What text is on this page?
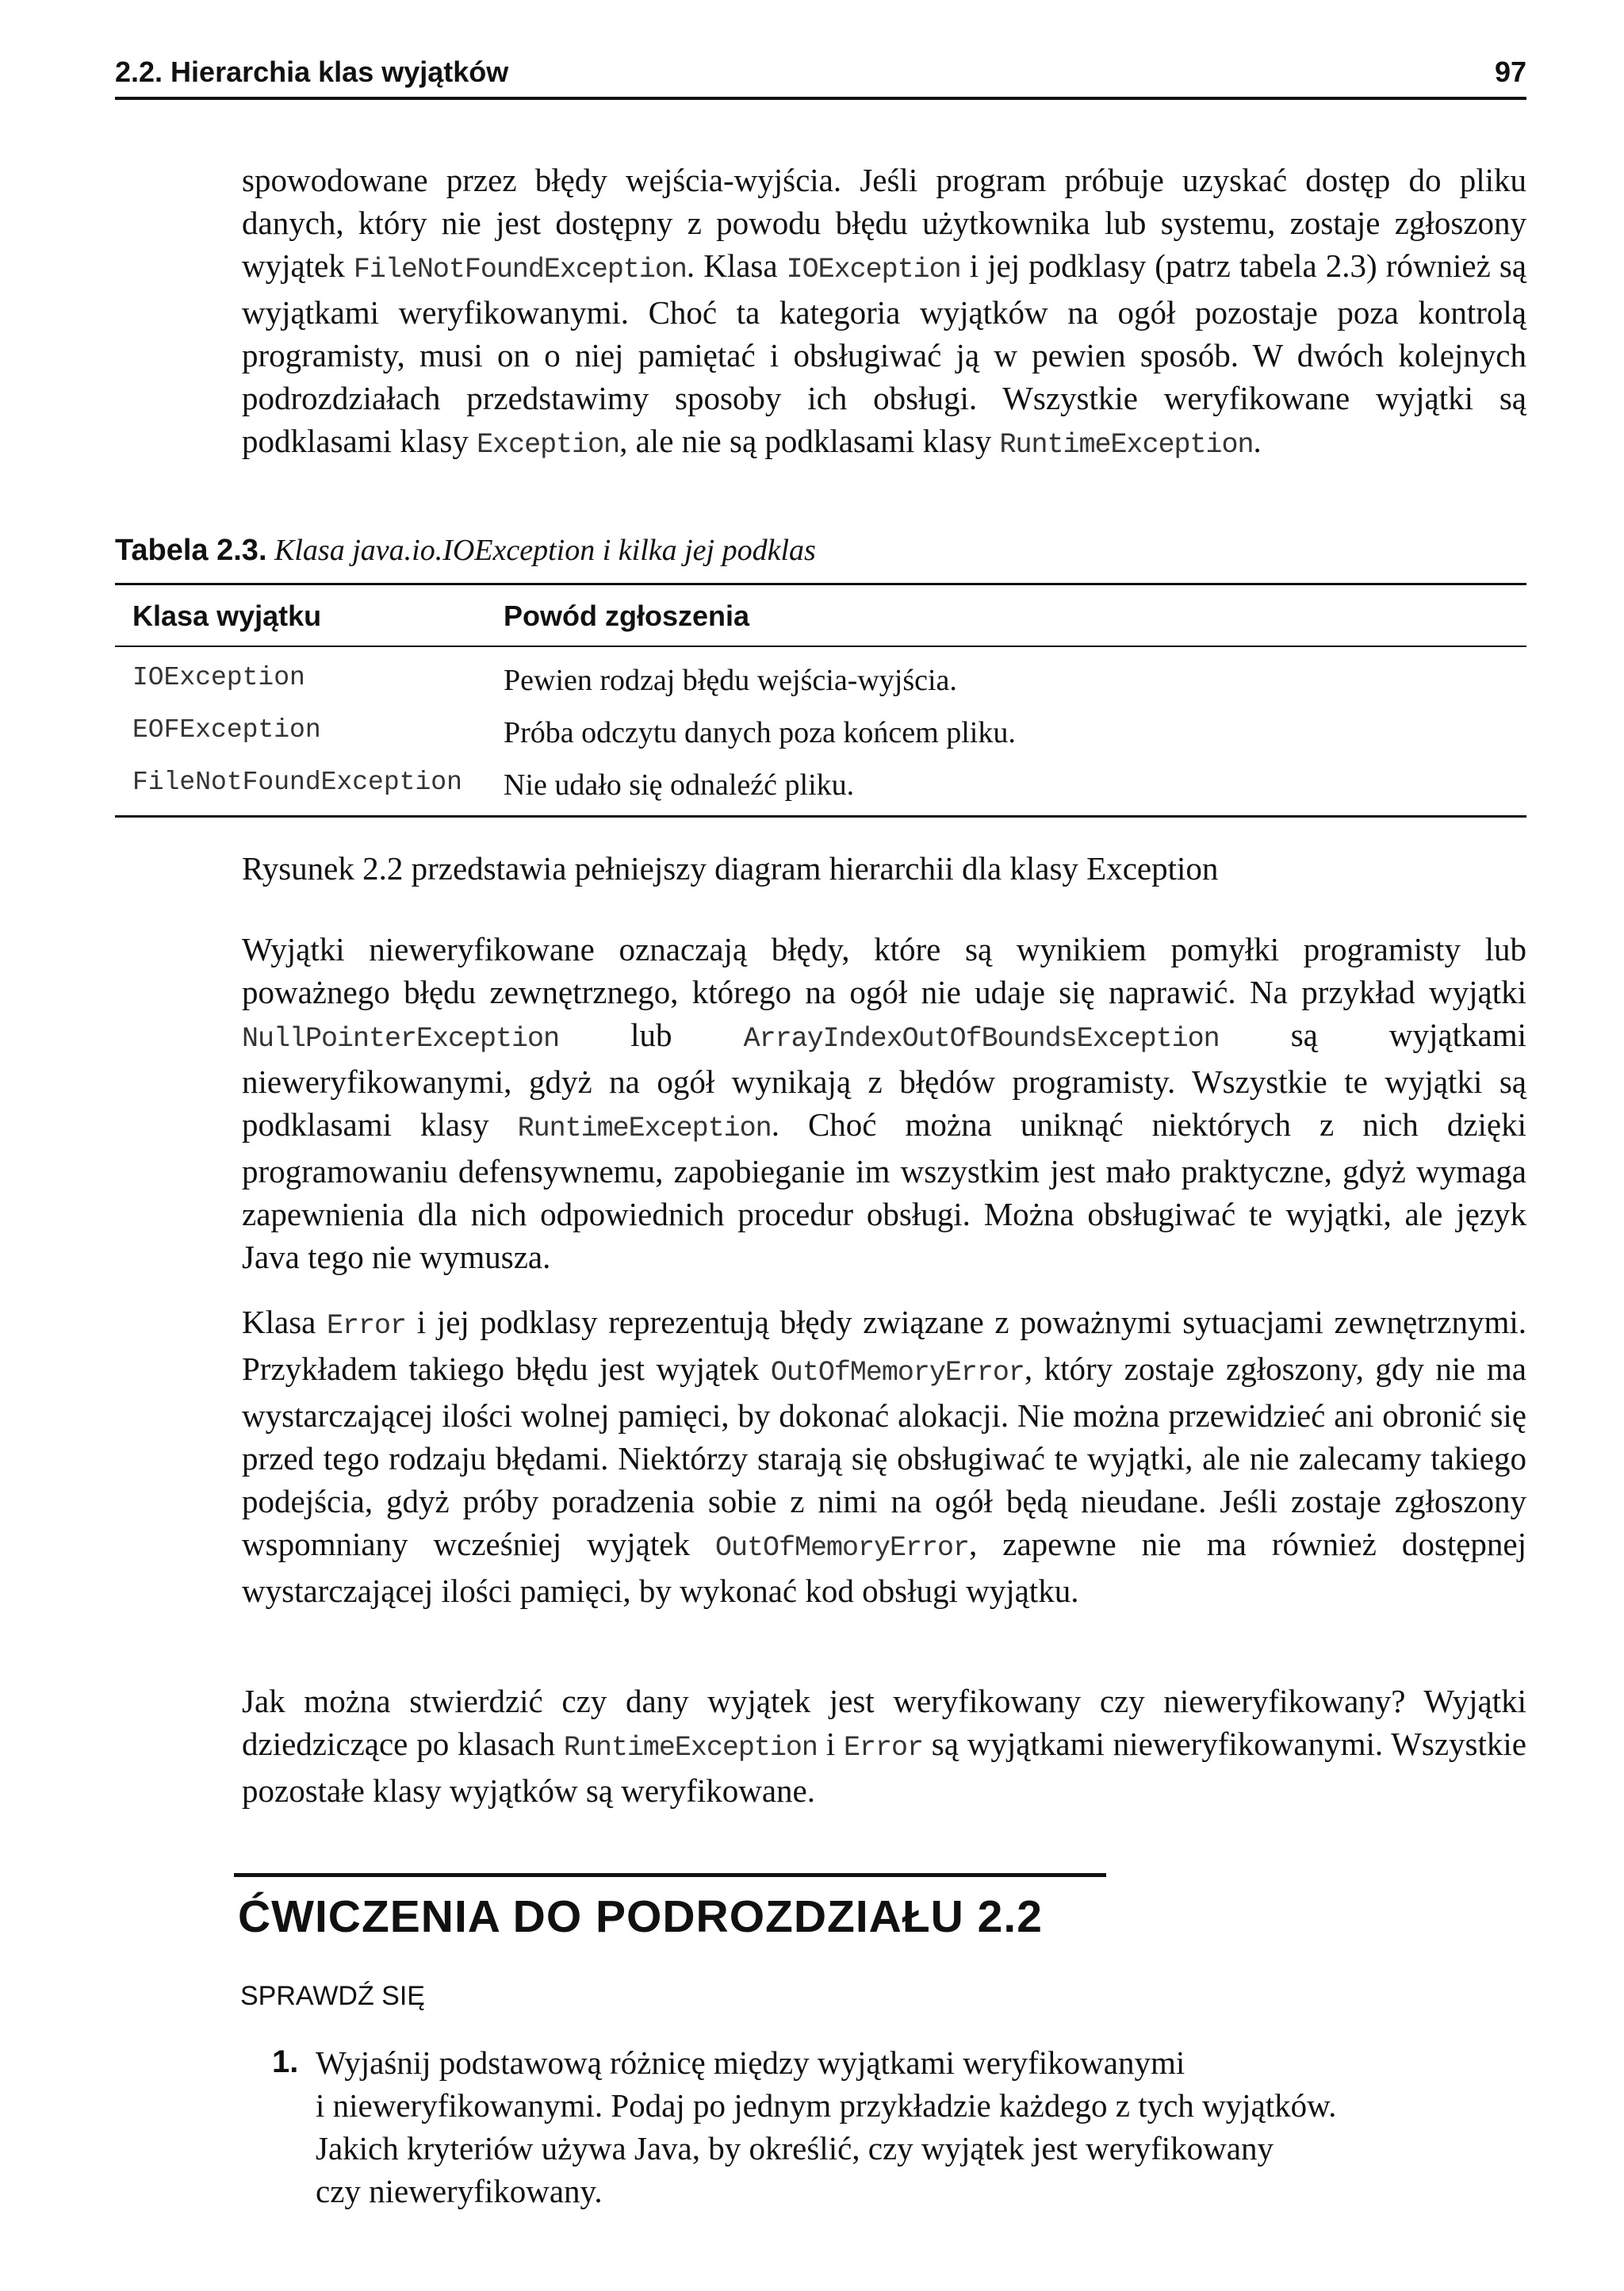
2.2. Hierarchia klas wyjątków	97
spowodowane przez błędy wejścia-wyjścia. Jeśli program próbuje uzyskać dostęp do pliku danych, który nie jest dostępny z powodu błędu użytkownika lub systemu, zostaje zgłoszony wyjątek FileNotFoundException. Klasa IOException i jej podklasy (patrz tabela 2.3) również są wyjątkami weryfikowanymi. Choć ta kategoria wyjątków na ogół pozostaje poza kontrolą programisty, musi on o niej pamiętać i obsługiwać ją w pewien sposób. W dwóch kolejnych podrozdziałach przedstawimy sposoby ich obsługi. Wszystkie weryfikowane wyjątki są podklasami klasy Exception, ale nie są podklasami klasy RuntimeException.
Tabela 2.3. Klasa java.io.IOException i kilka jej podklas
Klasa wyjątku	Powód zgłoszenia
IOException	Pewien rodzaj błędu wejścia-wyjścia.
EOFException	Próba odczytu danych poza końcem pliku.
FileNotFoundException Nie udało się odnaleźć pliku.
Rysunek 2.2 przedstawia pełniejszy diagram hierarchii dla klasy Exception
Wyjątki nieweryfikowane oznaczają błędy, które są wynikiem pomyłki programisty lub poważnego błędu zewnętrznego, którego na ogół nie udaje się naprawić. Na przykład wyjątki NullPointerException lub ArrayIndexOutOfBoundsException są wyjątkami nieweryfikowanymi, gdyż na ogół wynikają z błędów programisty. Wszystkie te wyjątki są podklasami klasy RuntimeException. Choć można uniknąć niektórych z nich dzięki programowaniu defensywnemu, zapobieganie im wszystkim jest mało praktyczne, gdyż wymaga zapewnienia dla nich odpowiednich procedur obsługi. Można obsługiwać te wyjątki, ale język Java tego nie wymusza.
Klasa Error i jej podklasy reprezentują błędy związane z poważnymi sytuacjami zewnętrznymi. Przykładem takiego błędu jest wyjątek OutOfMemoryError, który zostaje zgłoszony, gdy nie ma wystarczającej ilości wolnej pamięci, by dokonać alokacji. Nie można przewidzieć ani obronić się przed tego rodzaju błędami. Niektórzy starają się obsługiwać te wyjątki, ale nie zalecamy takiego podejścia, gdyż próby poradzenia sobie z nimi na ogół będą nieudane. Jeśli zostaje zgłoszony wspomniany wcześniej wyjątek OutOfMemoryError, zapewne nie ma również dostępnej wystarczającej ilości pamięci, by wykonać kod obsługi wyjątku.
Jak można stwierdzić czy dany wyjątek jest weryfikowany czy nieweryfikowany? Wyjątki dziedziczące po klasach RuntimeException i Error są wyjątkami nieweryfikowanymi. Wszystkie pozostałe klasy wyjątków są weryfikowane.
ĆWICZENIA DO PODROZDZIAŁU 2.2
SPRAWDŹ SIĘ
1. Wyjaśnij podstawową różnicę między wyjątkami weryfikowanymi
i nieweryfikowanymi. Podaj po jednym przykładzie każdego z tych wyjątków.
Jakich kryteriów używa Java, by określić, czy wyjątek jest weryfikowany
czy nieweryfikowany.
